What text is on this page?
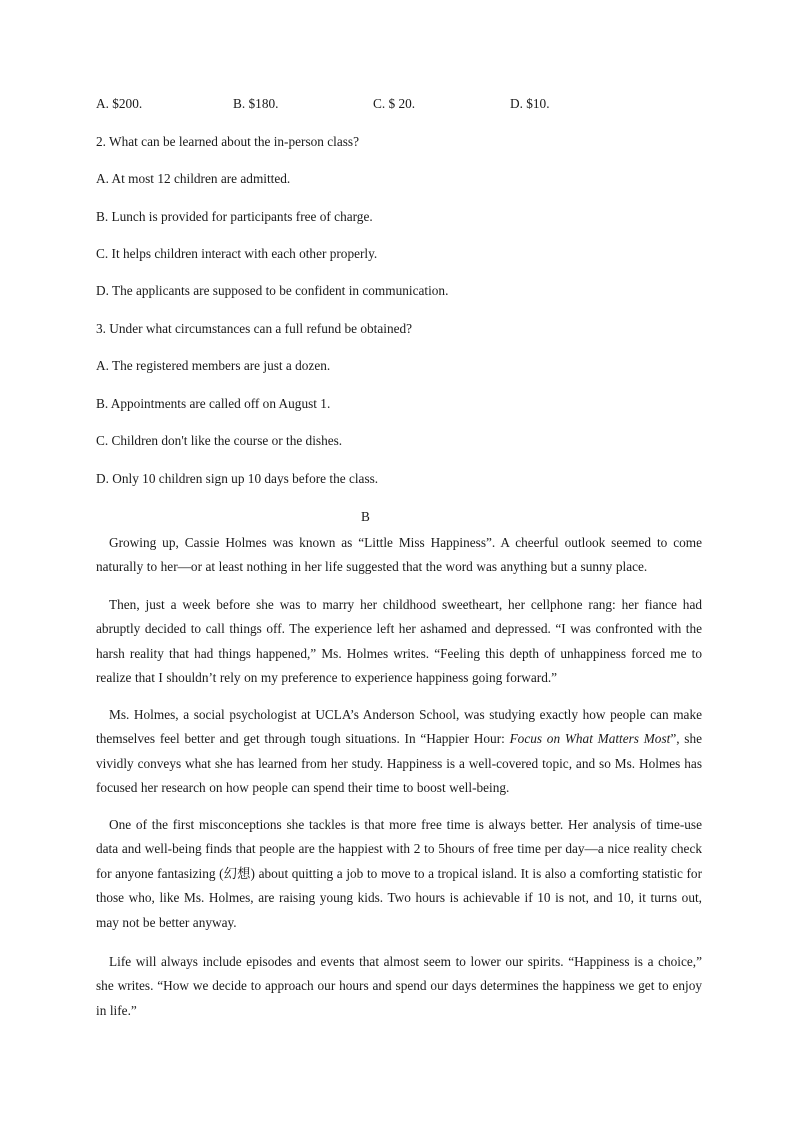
A. $200.	B. $180.	C. $ 20.	D. $10.
2. What can be learned about the in-person class?
A. At most 12 children are admitted.
B. Lunch is provided for participants free of charge.
C. It helps children interact with each other properly.
D. The applicants are supposed to be confident in communication.
3. Under what circumstances can a full refund be obtained?
A. The registered members are just a dozen.
B. Appointments are called off on August 1.
C. Children don't like the course or the dishes.
D. Only 10 children sign up 10 days before the class.
B
Growing up, Cassie Holmes was known as “Little Miss Happiness”. A cheerful outlook seemed to come naturally to her—or at least nothing in her life suggested that the word was anything but a sunny place.
Then, just a week before she was to marry her childhood sweetheart, her cellphone rang: her fiance had abruptly decided to call things off. The experience left her ashamed and depressed. “I was confronted with the harsh reality that had things happened,” Ms. Holmes writes. “Feeling this depth of unhappiness forced me to realize that I shouldn’t rely on my preference to experience happiness going forward.”
Ms. Holmes, a social psychologist at UCLA’s Anderson School, was studying exactly how people can make themselves feel better and get through tough situations. In “Happier Hour: Focus on What Matters Most”, she vividly conveys what she has learned from her study. Happiness is a well-covered topic, and so Ms. Holmes has focused her research on how people can spend their time to boost well-being.
One of the first misconceptions she tackles is that more free time is always better. Her analysis of time-use data and well-being finds that people are the happiest with 2 to 5hours of free time per day—a nice reality check for anyone fantasizing (幻想) about quitting a job to move to a tropical island. It is also a comforting statistic for those who, like Ms. Holmes, are raising young kids. Two hours is achievable if 10 is not, and 10, it turns out, may not be better anyway.
Life will always include episodes and events that almost seem to lower our spirits. “Happiness is a choice,” she writes. “How we decide to approach our hours and spend our days determines the happiness we get to enjoy in life.”
